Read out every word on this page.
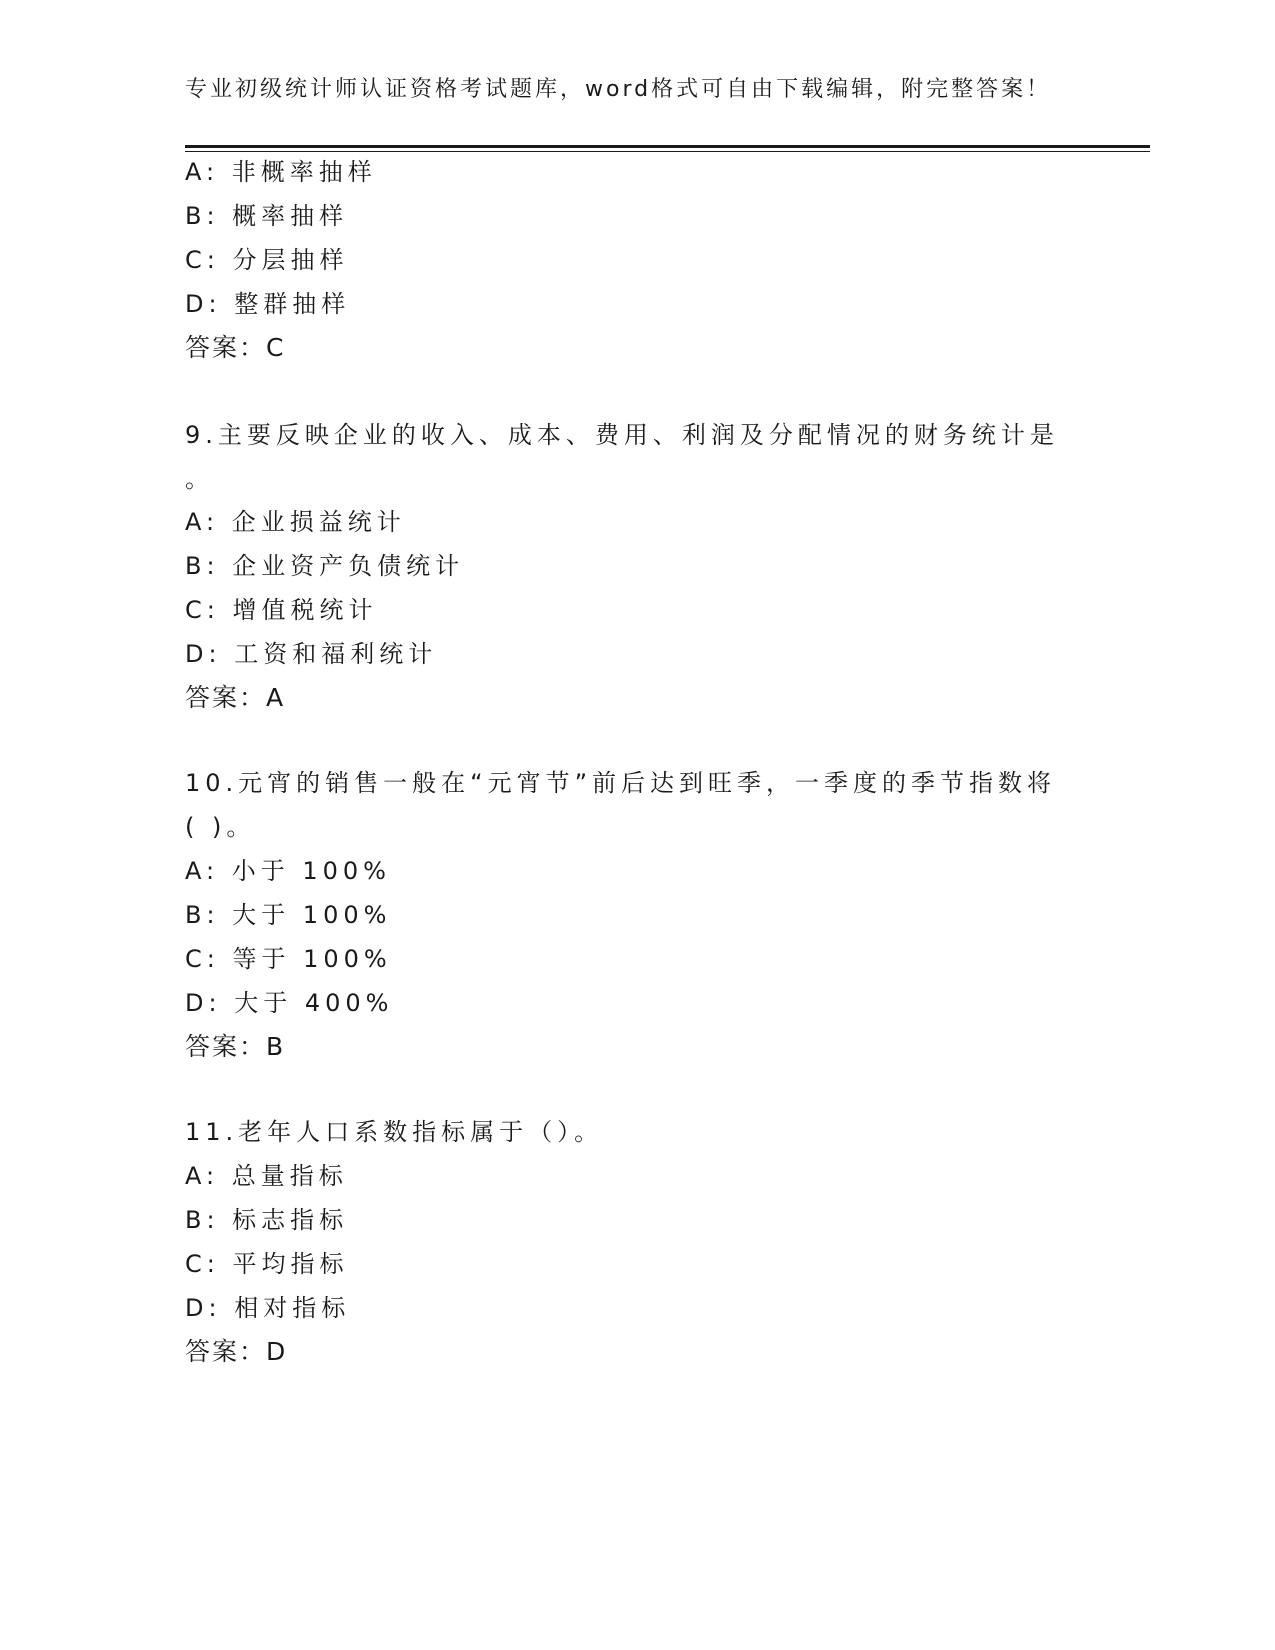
专业初级统计师认证资格考试题库，word格式可自由下载编辑，附完整答案！
A: 非概率抽样
B: 概率抽样
C: 分层抽样
D: 整群抽样
答案：C
9.主要反映企业的收入、成本、费用、利润及分配情况的财务统计是
。
A: 企业损益统计
B: 企业资产负债统计
C: 增值税统计
D: 工资和福利统计
答案：A
10.元宵的销售一般在“元宵节”前后达到旺季，一季度的季节指数将
( )。
A: 小于 100%
B: 大于 100%
C: 等于 100%
D: 大于 400%
答案：B
11.老年人口系数指标属于（）。
A: 总量指标
B: 标志指标
C: 平均指标
D: 相对指标
答案：D
